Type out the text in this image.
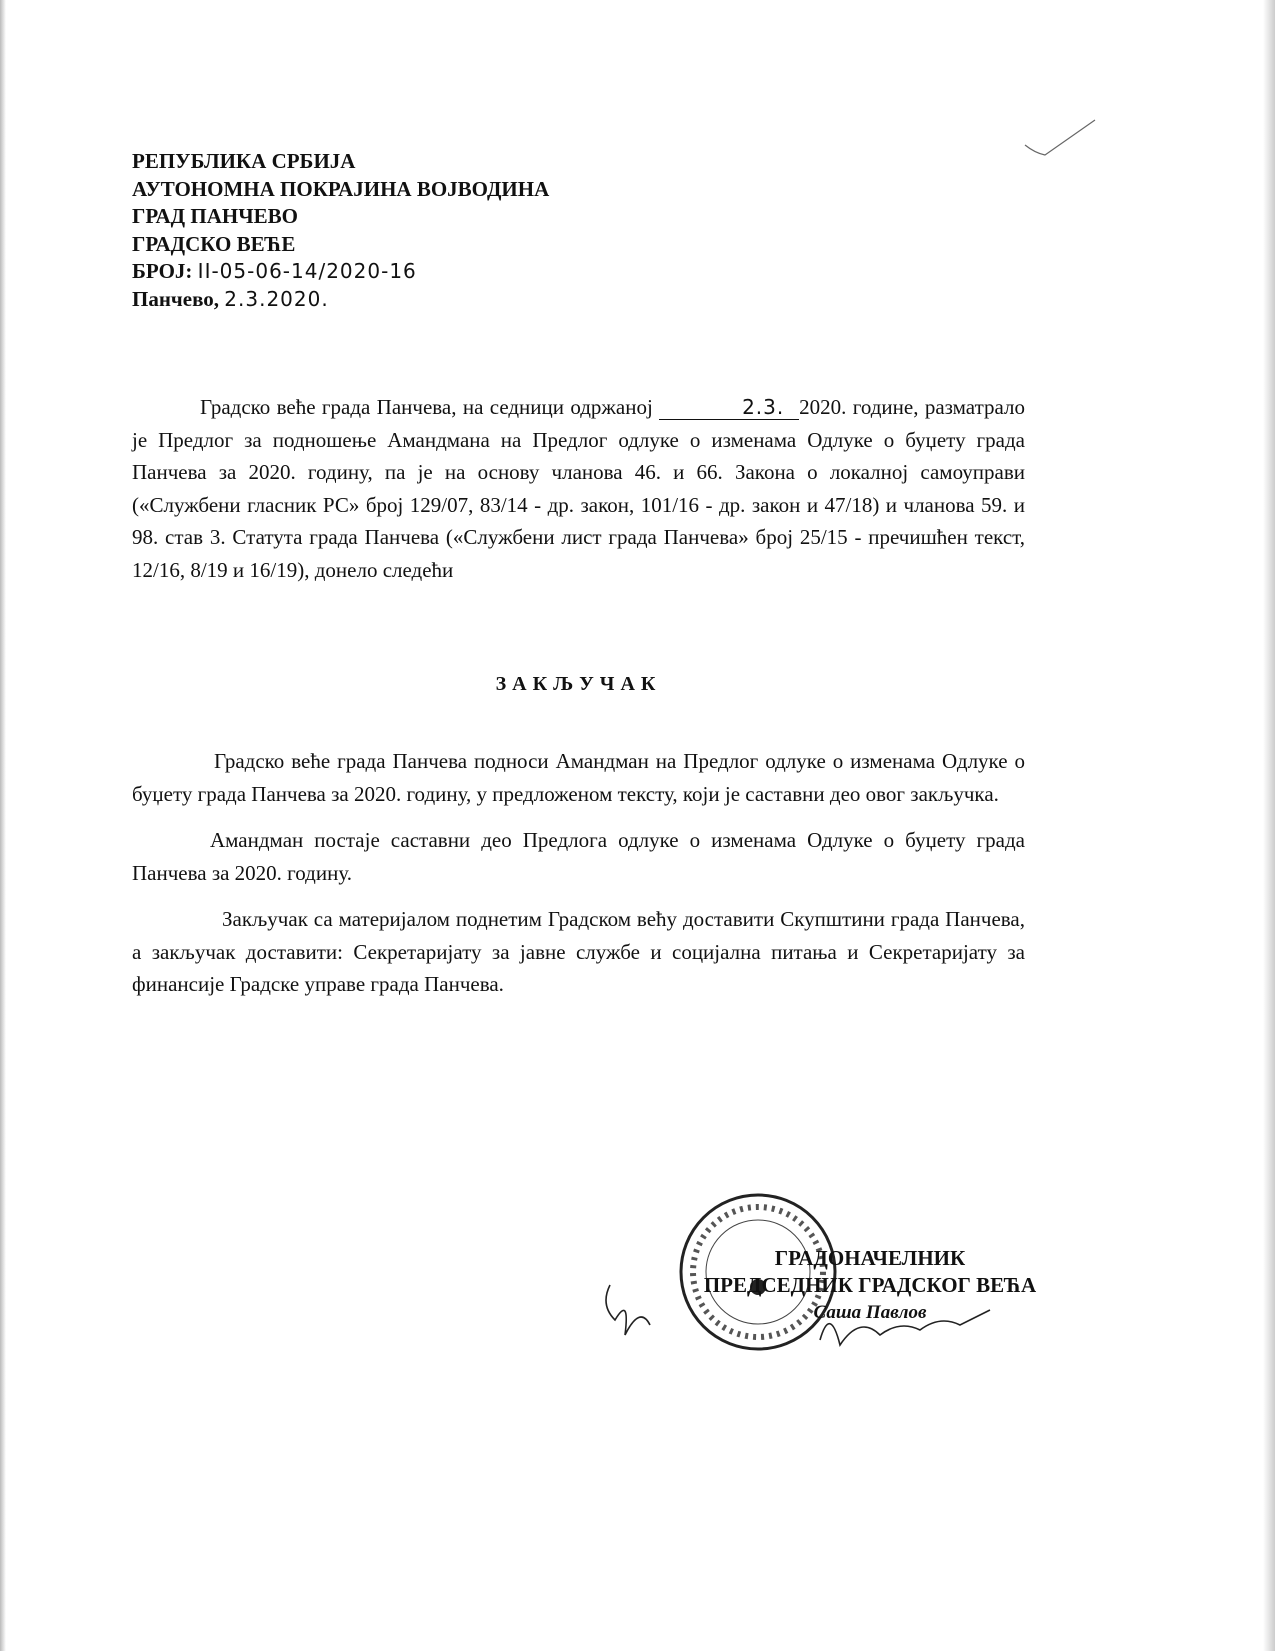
РЕПУБЛИКА СРБИЈА
АУТОНОМНА ПОКРАЈИНА ВОЈВОДИНА
ГРАД ПАНЧЕВО
ГРАДСКО ВЕЋЕ
БРОЈ: II-05-06-14/2020-16
Панчево, 2.3.2020.

Градско веће града Панчева, на седници одржаној	2.3. 2020. године, разматрало је Предлог за подношење Амандмана на Предлог одлуке о изменама Одлуке о буџету града Панчева за 2020. годину, па је на основу чланова 46. и 66. Закона о локалној самоуправи («Службени гласник РС» број 129/07, 83/14 - др. закон, 101/16 - др. закон и 47/18) и чланова 59. и 98. став 3. Статута града Панчева («Службени лист града Панчева» број 25/15 - пречишћен текст, 12/16, 8/19 и 16/19), донело следећи

ЗАКЉУЧАК

Градско веће града Панчева подноси Амандман на Предлог одлуке о изменама Одлуке о буџету града Панчева за 2020. годину, у предложеном тексту, који је саставни део овог закључка.

Амандман постаје саставни део Предлога одлуке о изменама Одлуке о буџету града Панчева за 2020. годину.

Закључак са материјалом поднетим Градском већу доставити Скупштини града Панчева, а закључак доставити: Секретаријату за јавне службе и социјална питања и Секретаријату за финансије Градске управе града Панчева.

ГРАДОНАЧЕЛНИК
ПРЕДСЕДНИК ГРАДСКОГ ВЕЋА
Саша Павлов
